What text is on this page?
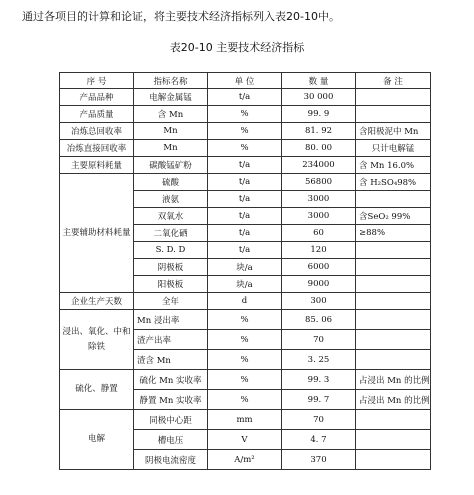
通过各项目的计算和论证，将主要技术经济指标列入表20-10中。
表20-10 主要技术经济指标
序 号	指标名称	单 位	数 量	备 注
产品品种	电解金属锰	t/a	30 000	
产品质量	含 Mn	%	99. 9	
冶炼总回收率	Mn	%	81. 92	含阳极泥中 Mn
冶炼直接回收率	Mn	%	80. 00	只计电解锰
主要原料耗量	碳酸锰矿粉	t/a	234000	含 Mn 16.0%
主要辅助材料耗量	硫酸	t/a	56800	含 H₂SO₄98%
	液氨	t/a	3000	
	双氧水	t/a	3000	含SeO₂ 99%
	二氧化硒	t/a	60	≥88%
	S. D. D	t/a	120	
	阴极板	块/a	6000	
	阳极板	块/a	9000	
企业生产天数	全年	d	300	
浸出、氧化、中和除铁	Mn 浸出率	%	85. 06	
	渣产出率	%	70	
	渣含 Mn	%	3. 25	
硫化、静置	硫化 Mn 实收率	%	99. 3	占浸出 Mn 的比例
	静置 Mn 实收率	%	99. 7	占浸出 Mn 的比例
电解	同极中心距	mm	70	
	槽电压	V	4. 7	
	阴极电流密度	A/m²	370	
